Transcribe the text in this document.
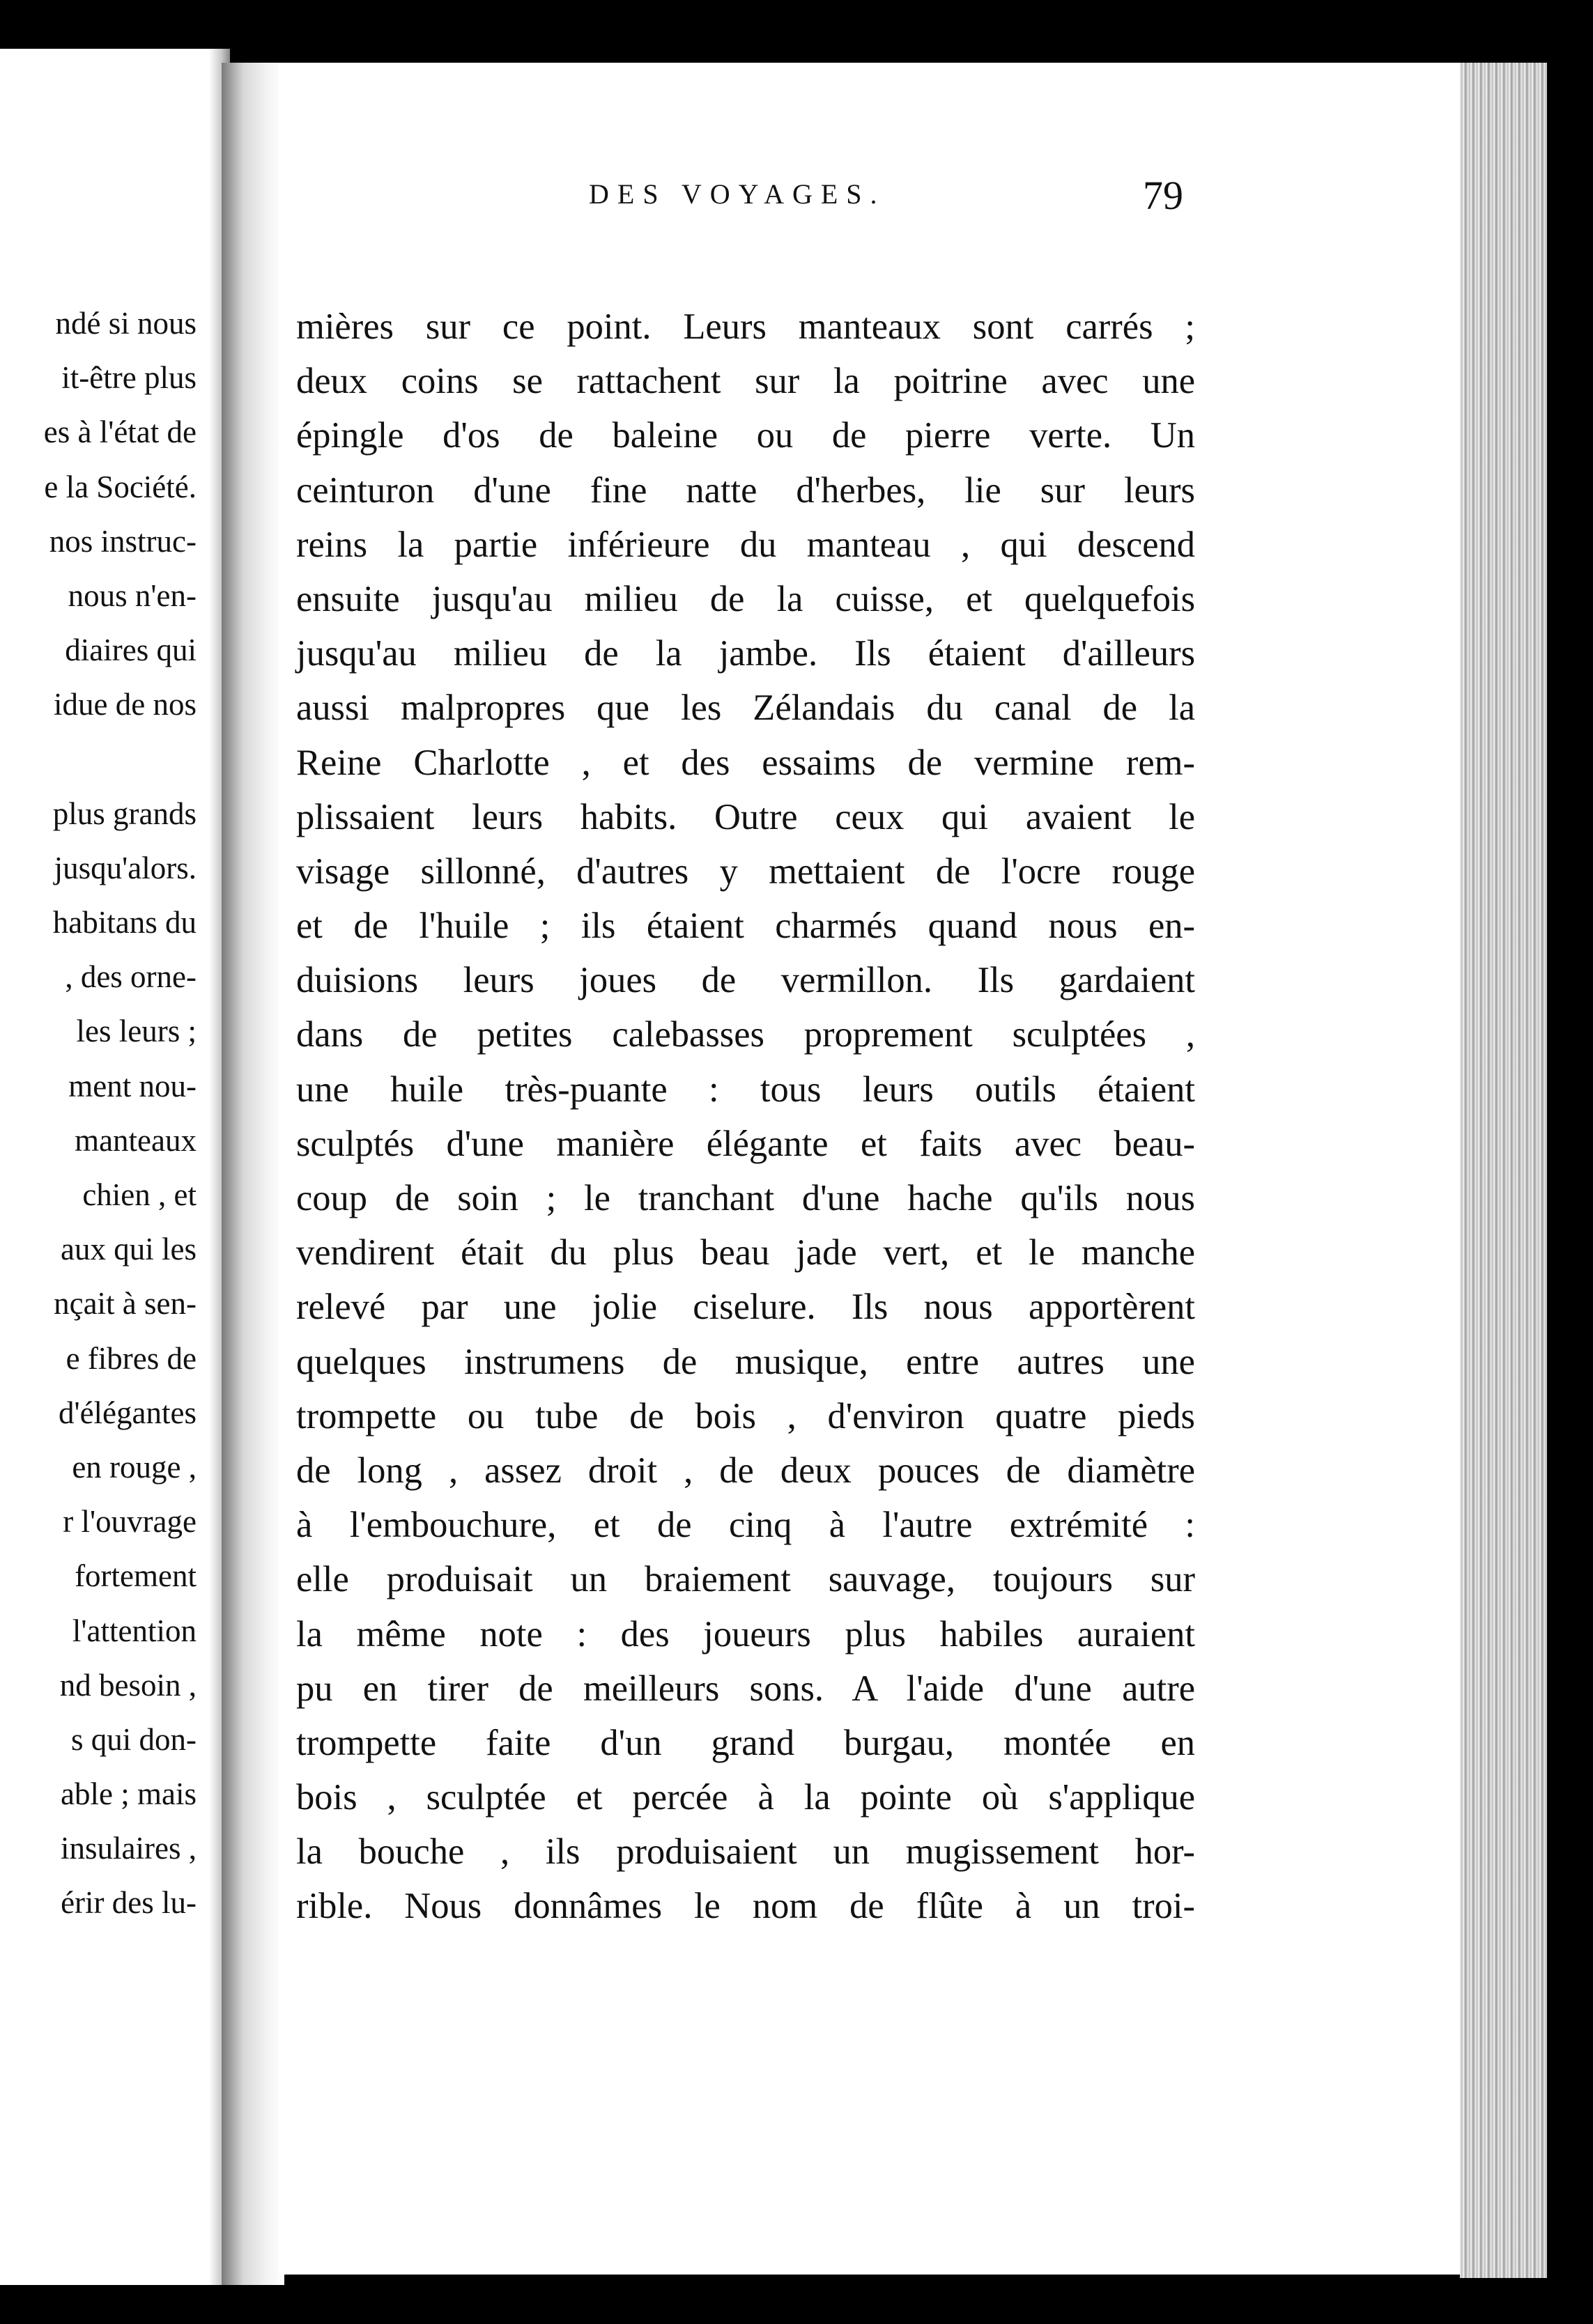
ndé si nous
it-être plus
es à l'état de
e la Société.
nos instruc-
nous n'en-
diaires qui
idue de nos
plus grands
jusqu'alors.
habitans du
, des orne-
les leurs ;
ment nou-
manteaux
chien , et
aux qui les
nçait à sen-
e fibres de
d'élégantes
en rouge ,
r l'ouvrage
fortement
l'attention
nd besoin ,
s qui don-
able ; mais
insulaires ,
érir des lu-
DES VOYAGES.	79
mières sur ce point. Leurs manteaux sont carrés ;
deux coins se rattachent sur la poitrine avec une
épingle d'os de baleine ou de pierre verte. Un
ceinturon d'une fine natte d'herbes, lie sur leurs
reins la partie inférieure du manteau , qui descend
ensuite jusqu'au milieu de la cuisse, et quelquefois
jusqu'au milieu de la jambe. Ils étaient d'ailleurs
aussi malpropres que les Zélandais du canal de la
Reine Charlotte , et des essaims de vermine rem-
plissaient leurs habits. Outre ceux qui avaient le
visage sillonné, d'autres y mettaient de l'ocre rouge
et de l'huile ; ils étaient charmés quand nous en-
duisions leurs joues de vermillon. Ils gardaient
dans de petites calebasses proprement sculptées ,
une huile très-puante : tous leurs outils étaient
sculptés d'une manière élégante et faits avec beau-
coup de soin ; le tranchant d'une hache qu'ils nous
vendirent était du plus beau jade vert, et le manche
relevé par une jolie ciselure. Ils nous apportèrent
quelques instrumens de musique, entre autres une
trompette ou tube de bois , d'environ quatre pieds
de long , assez droit , de deux pouces de diamètre
à l'embouchure, et de cinq à l'autre extrémité :
elle produisait un braiement sauvage, toujours sur
la même note : des joueurs plus habiles auraient
pu en tirer de meilleurs sons. A l'aide d'une autre
trompette faite d'un grand burgau, montée en
bois , sculptée et percée à la pointe où s'applique
la bouche , ils produisaient un mugissement hor-
rible. Nous donnâmes le nom de flûte à un troi-
